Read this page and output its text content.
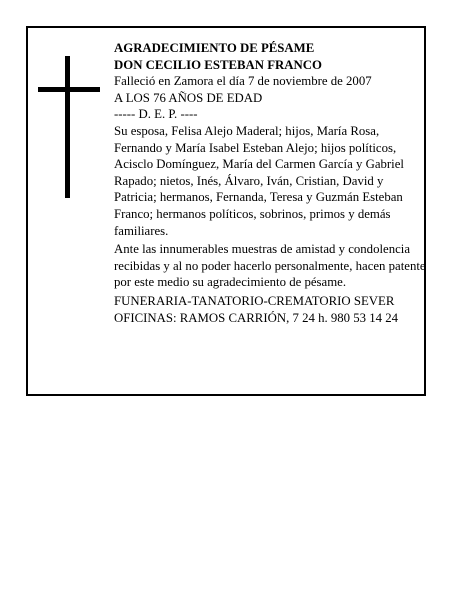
AGRADECIMIENTO DE PÉSAME

DON CECILIO ESTEBAN FRANCO

Falleció en Zamora el día 7 de noviembre de 2007

A LOS 76 AÑOS DE EDAD

----- D. E. P. ----

Su esposa, Felisa Alejo Maderal; hijos, María Rosa, Fernando y María Isabel Esteban Alejo; hijos políticos, Acisclo Domínguez, María del Carmen García y Gabriel Rapado; nietos, Inés, Álvaro, Iván, Cristian, David y Patricia; hermanos, Fernanda, Teresa y Guzmán Esteban Franco; hermanos políticos, sobrinos, primos y demás familiares.

Ante las innumerables muestras de amistad y condolencia recibidas y al no poder hacerlo personalmente, hacen patente por este medio su agradecimiento de pésame.

FUNERARIA-TANATORIO-CREMATORIO SEVER

OFICINAS: RAMOS CARRIÓN, 7 24 h. 980 53 14 24
